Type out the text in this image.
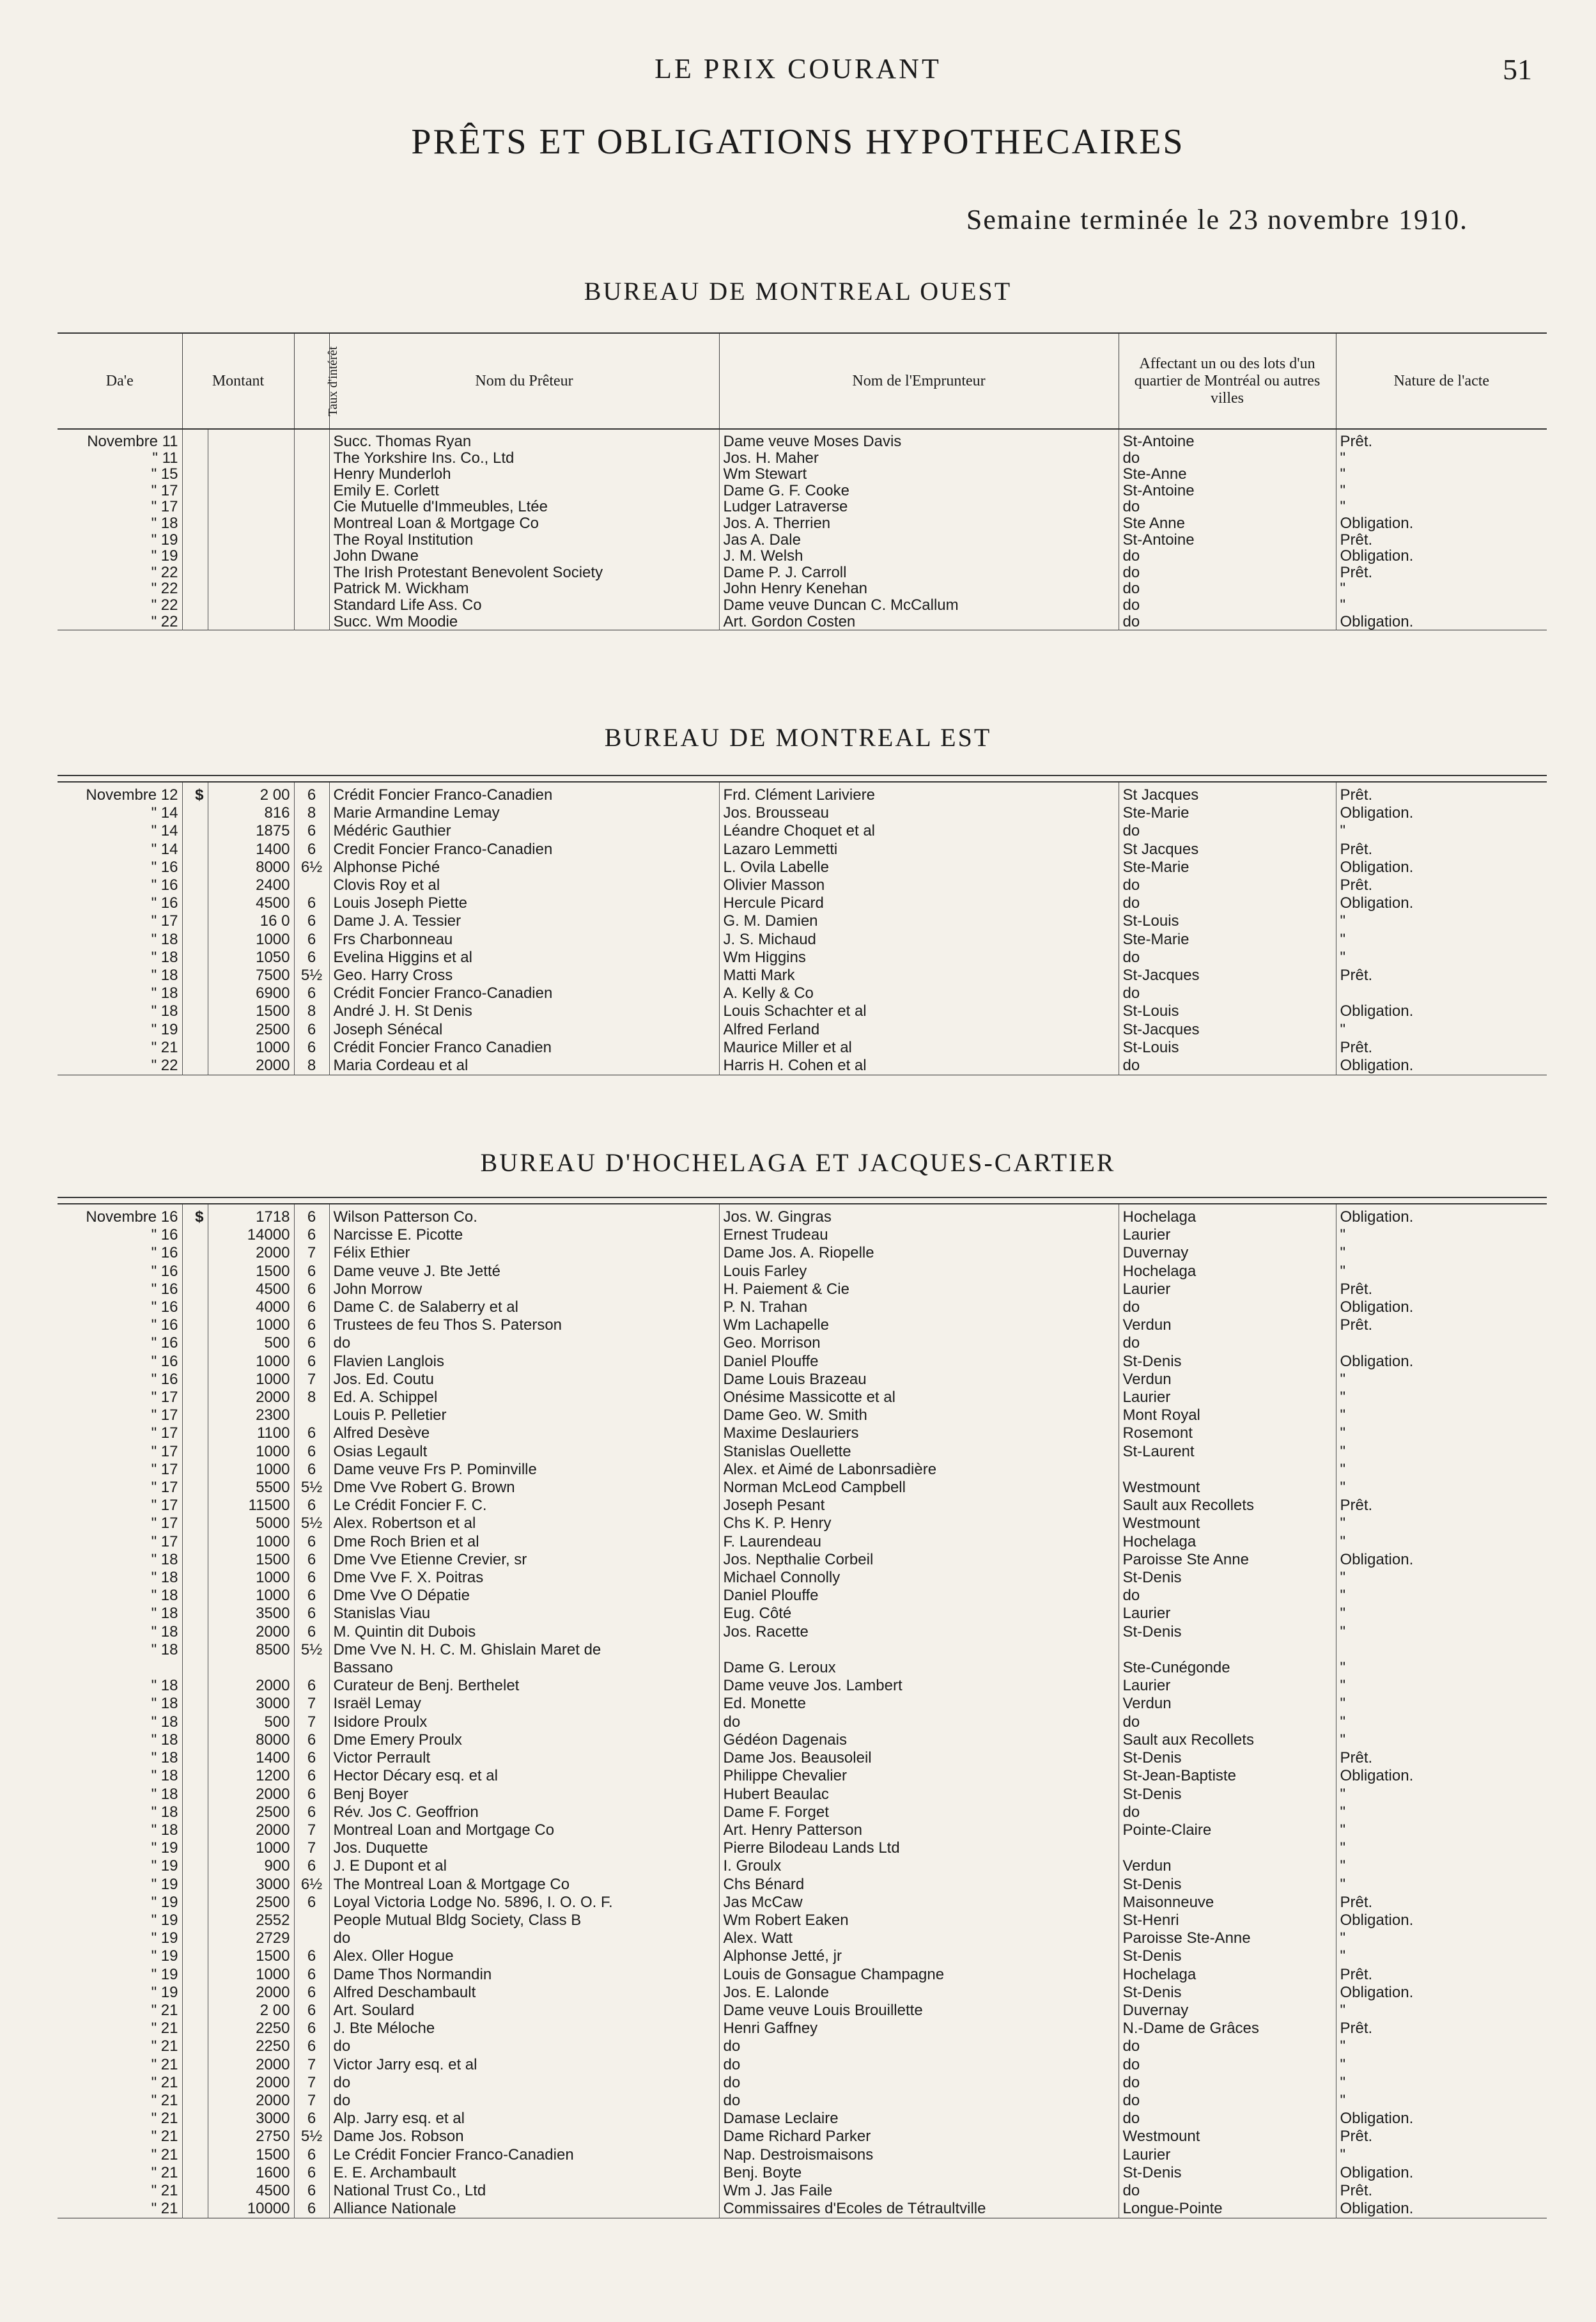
LE PRIX COURANT	51
PRÊTS ET OBLIGATIONS HYPOTHECAIRES
Semaine terminée le 23 novembre 1910.
BUREAU DE MONTREAL OUEST
Da'e	Montant		Taux d'intérêt	Nom du Prêteur	Nom de l'Emprunteur	Affectant un ou des lots d'un quartier de Montréal ou autres villes	Nature de l'acte
Novembre 11				Succ. Thomas Ryan	Dame veuve Moses Davis	St-Antoine	Prêt.
" 11				The Yorkshire Ins. Co., Ltd	Jos. H. Maher	do	"
" 15				Henry Munderloh	Wm Stewart	Ste-Anne	"
" 17				Emily E. Corlett	Dame G. F. Cooke	St-Antoine	"
" 17				Cie Mutuelle d'Immeubles, Ltée	Ludger Latraverse	do	"
" 18				Montreal Loan & Mortgage Co	Jos. A. Therrien	Ste Anne	Obligation.
" 19				The Royal Institution	Jas A. Dale	St-Antoine	Prêt.
" 19				John Dwane	J. M. Welsh	do	Obligation.
" 22				The Irish Protestant Benevolent Society	Dame P. J. Carroll	do	Prêt.
" 22				Patrick M. Wickham	John Henry Kenehan	do	"
" 22				Standard Life Ass. Co	Dame veuve Duncan C. McCallum	do	"
" 22				Succ. Wm Moodie	Art. Gordon Costen	do	Obligation.
BUREAU DE MONTREAL EST

Novembre 12	$	2 00	6	Crédit Foncier Franco-Canadien	Frd. Clément Lariviere	St Jacques	Prêt.
" 14		816	8	Marie Armandine Lemay	Jos. Brousseau	Ste-Marie	Obligation.
" 14		1875	6	Médéric Gauthier	Léandre Choquet et al	do	"
" 14		1400	6	Credit Foncier Franco-Canadien	Lazaro Lemmetti	St Jacques	Prêt.
" 16		8000	6½	Alphonse Piché	L. Ovila Labelle	Ste-Marie	Obligation.
" 16		2400		Clovis Roy et al	Olivier Masson	do	Prêt.
" 16		4500	6	Louis Joseph Piette	Hercule Picard	do	Obligation.
" 17		16 0	6	Dame J. A. Tessier	G. M. Damien	St-Louis	"
" 18		1000	6	Frs Charbonneau	J. S. Michaud	Ste-Marie	"
" 18		1050	6	Evelina Higgins et al	Wm Higgins	do	"
" 18		7500	5½	Geo. Harry Cross	Matti Mark	St-Jacques	Prêt.
" 18		6900	6	Crédit Foncier Franco-Canadien	A. Kelly & Co	do	
" 18		1500	8	André J. H. St Denis	Louis Schachter et al	St-Louis	Obligation.
" 19		2500	6	Joseph Sénécal	Alfred Ferland	St-Jacques	"
" 21		1000	6	Crédit Foncier Franco Canadien	Maurice Miller et al	St-Louis	Prêt.
" 22		2000	8	Maria Cordeau et al	Harris H. Cohen et al	do	Obligation.
BUREAU D'HOCHELAGA ET JACQUES-CARTIER

Novembre 16	$	1718	6	Wilson Patterson Co.	Jos. W. Gingras	Hochelaga	Obligation.
" 16		14000	6	Narcisse E. Picotte	Ernest Trudeau	Laurier	"
" 16		2000	7	Félix Ethier	Dame Jos. A. Riopelle	Duvernay	"
" 16		1500	6	Dame veuve J. Bte Jetté	Louis Farley	Hochelaga	"
" 16		4500	6	John Morrow	H. Paiement & Cie	Laurier	Prêt.
" 16		4000	6	Dame C. de Salaberry et al	P. N. Trahan	do	Obligation.
" 16		1000	6	Trustees de feu Thos S. Paterson	Wm Lachapelle	Verdun	Prêt.
" 16		500	6	do	Geo. Morrison	do	
" 16		1000	6	Flavien Langlois	Daniel Plouffe	St-Denis	Obligation.
" 16		1000	7	Jos. Ed. Coutu	Dame Louis Brazeau	Verdun	"
" 17		2000	8	Ed. A. Schippel	Onésime Massicotte et al	Laurier	"
" 17		2300		Louis P. Pelletier	Dame Geo. W. Smith	Mont Royal	"
" 17		1100	6	Alfred Desève	Maxime Deslauriers	Rosemont	"
" 17		1000	6	Osias Legault	Stanislas Ouellette	St-Laurent	"
" 17		1000	6	Dame veuve Frs P. Pominville	Alex. et Aimé de Labonrsadière		"
" 17		5500	5½	Dme Vve Robert G. Brown	Norman McLeod Campbell	Westmount	"
" 17		11500	6	Le Crédit Foncier F. C.	Joseph Pesant	Sault aux Recollets	Prêt.
" 17		5000	5½	Alex. Robertson et al	Chs K. P. Henry	Westmount	"
" 17		1000	6	Dme Roch Brien et al	F. Laurendeau	Hochelaga	"
" 18		1500	6	Dme Vve Etienne Crevier, sr	Jos. Nepthalie Corbeil	Paroisse Ste Anne	Obligation.
" 18		1000	6	Dme Vve F. X. Poitras	Michael Connolly	St-Denis	"
" 18		1000	6	Dme Vve O Dépatie	Daniel Plouffe	do	"
" 18		3500	6	Stanislas Viau	Eug. Côté	Laurier	"
" 18		2000	6	M. Quintin dit Dubois	Jos. Racette	St-Denis	"
" 18		8500	5½	Dme Vve N. H. C. M. Ghislain Maret de			
				Bassano	Dame G. Leroux	Ste-Cunégonde	"
" 18		2000	6	Curateur de Benj. Berthelet	Dame veuve Jos. Lambert	Laurier	"
" 18		3000	7	Israël Lemay	Ed. Monette	Verdun	"
" 18		500	7	Isidore Proulx	do	do	"
" 18		8000	6	Dme Emery Proulx	Gédéon Dagenais	Sault aux Recollets	"
" 18		1400	6	Victor Perrault	Dame Jos. Beausoleil	St-Denis	Prêt.
" 18		1200	6	Hector Décary esq. et al	Philippe Chevalier	St-Jean-Baptiste	Obligation.
" 18		2000	6	Benj Boyer	Hubert Beaulac	St-Denis	"
" 18		2500	6	Rév. Jos C. Geoffrion	Dame F. Forget	do	"
" 18		2000	7	Montreal Loan and Mortgage Co	Art. Henry Patterson	Pointe-Claire	"
" 19		1000	7	Jos. Duquette	Pierre Bilodeau Lands Ltd		"
" 19		900	6	J. E Dupont et al	I. Groulx	Verdun	"
" 19		3000	6½	The Montreal Loan & Mortgage Co	Chs Bénard	St-Denis	"
" 19		2500	6	Loyal Victoria Lodge No. 5896, I. O. O. F.	Jas McCaw	Maisonneuve	Prêt.
" 19		2552		People Mutual Bldg Society, Class B	Wm Robert Eaken	St-Henri	Obligation.
" 19		2729		do	Alex. Watt	Paroisse Ste-Anne	"
" 19		1500	6	Alex. Oller Hogue	Alphonse Jetté, jr	St-Denis	"
" 19		1000	6	Dame Thos Normandin	Louis de Gonsague Champagne	Hochelaga	Prêt.
" 19		2000	6	Alfred Deschambault	Jos. E. Lalonde	St-Denis	Obligation.
" 21		2 00	6	Art. Soulard	Dame veuve Louis Brouillette	Duvernay	"
" 21		2250	6	J. Bte Méloche	Henri Gaffney	N.-Dame de Grâces	Prêt.
" 21		2250	6	do	do	do	"
" 21		2000	7	Victor Jarry esq. et al	do	do	"
" 21		2000	7	do	do	do	"
" 21		2000	7	do	do	do	"
" 21		3000	6	Alp. Jarry esq. et al	Damase Leclaire	do	Obligation.
" 21		2750	5½	Dame Jos. Robson	Dame Richard Parker	Westmount	Prêt.
" 21		1500	6	Le Crédit Foncier Franco-Canadien	Nap. Destroismaisons	Laurier	"
" 21		1600	6	E. E. Archambault	Benj. Boyte	St-Denis	Obligation.
" 21		4500	6	National Trust Co., Ltd	Wm J. Jas Faile	do	Prêt.
" 21		10000	6	Alliance Nationale	Commissaires d'Ecoles de Tétraultville	Longue-Pointe	Obligation.
